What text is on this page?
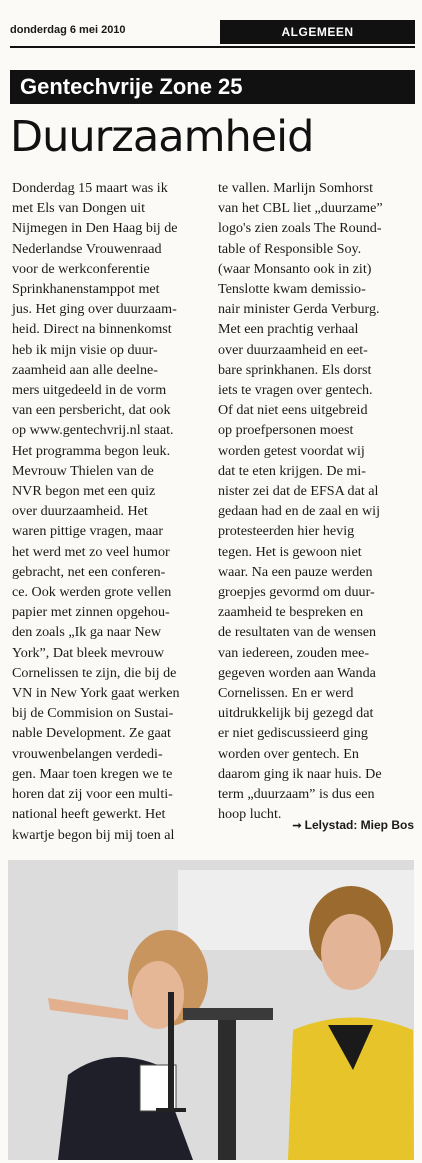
donderdag 6 mei 2010	ALGEMEEN
Gentechvrije Zone 25
Duurzaamheid
Donderdag 15 maart was ik
met Els van Dongen uit
Nijmegen in Den Haag bij de
Nederlandse Vrouwenraad
voor de werkconferentie
Sprinkhanenstamppot met
jus. Het ging over duurzaam-
heid. Direct na binnenkomst
heb ik mijn visie op duur-
zaamheid aan alle deelne-
mers uitgedeeld in de vorm
van een persbericht, dat ook
op www.gentechvrij.nl staat.
Het programma begon leuk.
Mevrouw Thielen van de
NVR begon met een quiz
over duurzaamheid. Het
waren pittige vragen, maar
het werd met zo veel humor
gebracht, net een conferen-
ce. Ook werden grote vellen
papier met zinnen opgehou-
den zoals „Ik ga naar New
York”, Dat bleek mevrouw
Cornelissen te zijn, die bij de
VN in New York gaat werken
bij de Commision on Sustai-
nable Development. Ze gaat
vrouwenbelangen verdedi-
gen. Maar toen kregen we te
horen dat zij voor een multi-
national heeft gewerkt. Het
kwartje begon bij mij toen al
te vallen. Marlijn Somhorst
van het CBL liet „duurzame”
logo's zien zoals The Round-
table of Responsible Soy.
(waar Monsanto ook in zit)
Tenslotte kwam demissio-
nair minister Gerda Verburg.
Met een prachtig verhaal
over duurzaamheid en eet-
bare sprinkhanen. Els dorst
iets te vragen over gentech.
Of dat niet eens uitgebreid
op proefpersonen moest
worden getest voordat wij
dat te eten krijgen. De mi-
nister zei dat de EFSA dat al
gedaan had en de zaal en wij
protesteerden hier hevig
tegen. Het is gewoon niet
waar. Na een pauze werden
groepjes gevormd om duur-
zaamheid te bespreken en
de resultaten van de wensen
van iedereen, zouden mee-
gegeven worden aan Wanda
Cornelissen. En er werd
uitdrukkelijk bij gezegd dat
er niet gediscussieerd ging
worden over gentech. En
daarom ging ik naar huis. De
term „duurzaam” is dus een
hoop lucht.
➞ Lelystad: Miep Bos
